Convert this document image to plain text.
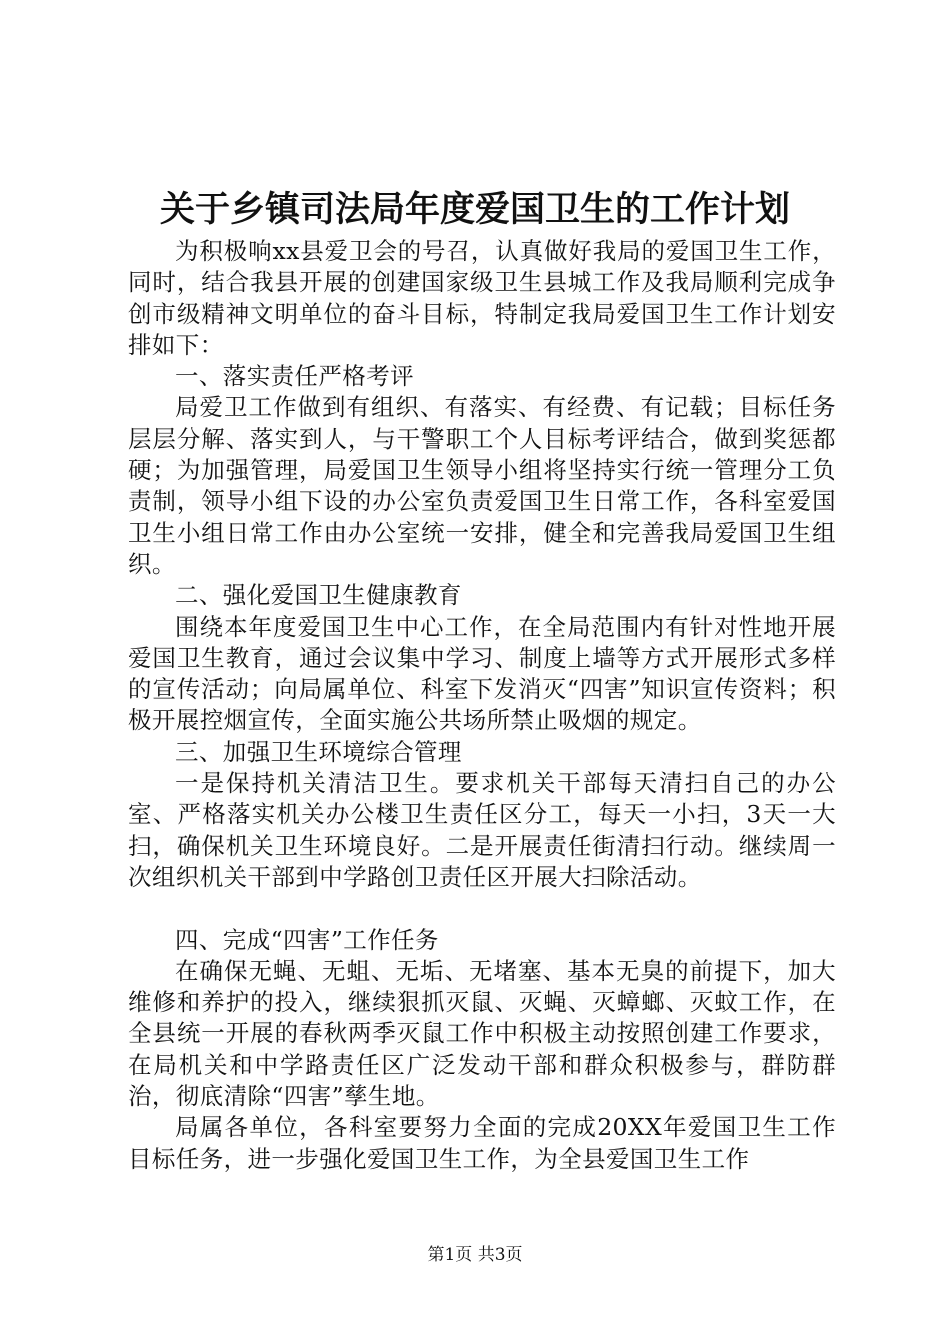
关于乡镇司法局年度爱国卫生的工作计划

为积极响xx县爱卫会的号召，认真做好我局的爱国卫生工作，同时，结合我县开展的创建国家级卫生县城工作及我局顺利完成争创市级精神文明单位的奋斗目标，特制定我局爱国卫生工作计划安排如下：

一、落实责任严格考评

局爱卫工作做到有组织、有落实、有经费、有记载；目标任务层层分解、落实到人，与干警职工个人目标考评结合，做到奖惩都硬；为加强管理，局爱国卫生领导小组将坚持实行统一管理分工负责制，领导小组下设的办公室负责爱国卫生日常工作，各科室爱国卫生小组日常工作由办公室统一安排，健全和完善我局爱国卫生组织。

二、强化爱国卫生健康教育

围绕本年度爱国卫生中心工作，在全局范围内有针对性地开展爱国卫生教育，通过会议集中学习、制度上墙等方式开展形式多样的宣传活动；向局属单位、科室下发消灭“四害”知识宣传资料；积极开展控烟宣传，全面实施公共场所禁止吸烟的规定。

三、加强卫生环境综合管理

一是保持机关清洁卫生。要求机关干部每天清扫自己的办公室、严格落实机关办公楼卫生责任区分工，每天一小扫，3天一大扫，确保机关卫生环境良好。二是开展责任街清扫行动。继续周一次组织机关干部到中学路创卫责任区开展大扫除活动。

四、完成“四害”工作任务

在确保无蝇、无蛆、无垢、无堵塞、基本无臭的前提下，加大维修和养护的投入，继续狠抓灭鼠、灭蝇、灭蟑螂、灭蚊工作，在全县统一开展的春秋两季灭鼠工作中积极主动按照创建工作要求，在局机关和中学路责任区广泛发动干部和群众积极参与，群防群治，彻底清除“四害”孳生地。

局属各单位，各科室要努力全面的完成20XX年爱国卫生工作目标任务，进一步强化爱国卫生工作，为全县爱国卫生工作

第1页 共3页
